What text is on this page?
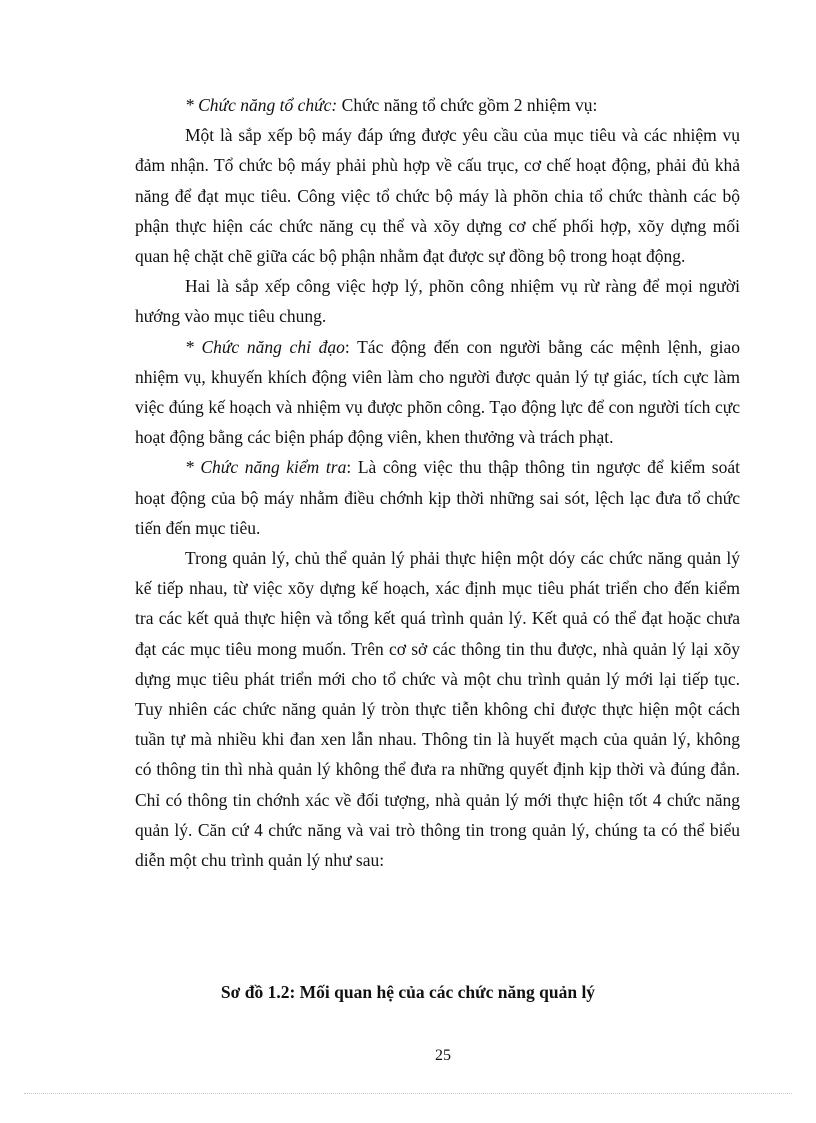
* Chức năng tổ chức: Chức năng tổ chức gồm 2 nhiệm vụ:

Một là sắp xếp bộ máy đáp ứng được yêu cầu của mục tiêu và các nhiệm vụ đảm nhận. Tổ chức bộ máy phải phù hợp về cấu trục, cơ chế hoạt động, phải đủ khả năng để đạt mục tiêu. Công việc tổ chức bộ máy là phõn chia tổ chức thành các bộ phận thực hiện các chức năng cụ thể và xõy dựng cơ chế phối hợp, xõy dựng mối quan hệ chặt chẽ giữa các bộ phận nhằm đạt được sự đồng bộ trong hoạt động.

Hai là sắp xếp công việc hợp lý, phõn công nhiệm vụ rừ ràng để mọi người hướng vào mục tiêu chung.

* Chức năng chỉ đạo: Tác động đến con người bằng các mệnh lệnh, giao nhiệm vụ, khuyến khích động viên làm cho người được quản lý tự giác, tích cực làm việc đúng kế hoạch và nhiệm vụ được phõn công. Tạo động lực để con người tích cực hoạt động bằng các biện pháp động viên, khen thưởng và trách phạt.

* Chức năng kiểm tra: Là công việc thu thập thông tin ngược để kiểm soát hoạt động của bộ máy nhằm điều chớnh kịp thời những sai sót, lệch lạc đưa tổ chức tiến đến mục tiêu.

Trong quản lý, chủ thể quản lý phải thực hiện một dóy các chức năng quản lý kế tiếp nhau, từ việc xõy dựng kế hoạch, xác định mục tiêu phát triển cho đến kiểm tra các kết quả thực hiện và tổng kết quá trình quản lý. Kết quả có thể đạt hoặc chưa đạt các mục tiêu mong muốn. Trên cơ sở các thông tin thu được, nhà quản lý lại xõy dựng mục tiêu phát triển mới cho tổ chức và một chu trình quản lý mới lại tiếp tục. Tuy nhiên các chức năng quản lý tròn thực tiễn không chỉ được thực hiện một cách tuần tự mà nhiều khi đan xen lẫn nhau. Thông tin là huyết mạch của quản lý, không có thông tin thì nhà quản lý không thể đưa ra những quyết định kịp thời và đúng đắn. Chỉ có thông tin chớnh xác về đối tượng, nhà quản lý mới thực hiện tốt 4 chức năng quản lý. Căn cứ 4 chức năng và vai trò thông tin trong quản lý, chúng ta có thể biểu diễn một chu trình quản lý như sau:

Sơ đồ 1.2: Mối quan hệ của các chức năng quản lý
25
